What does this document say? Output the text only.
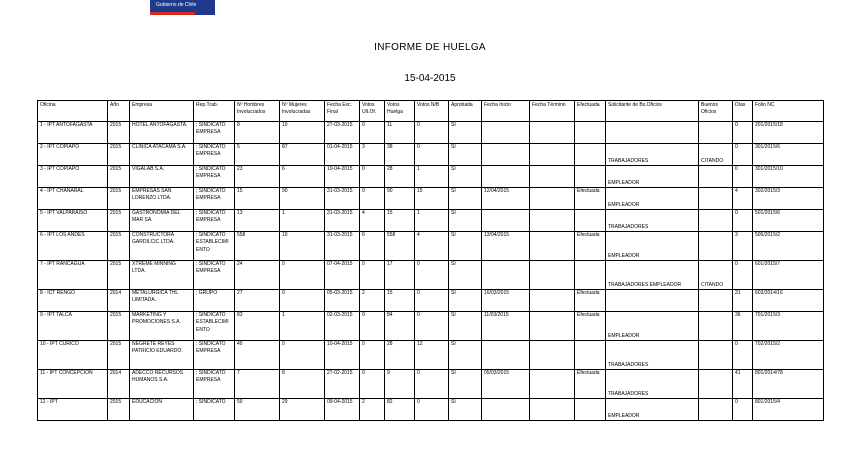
Gobierno de Chile
INFORME DE HUELGA
15-04-2015
Oficina	Año	Empresa	Rep.Trab.	Nº Hombres Involucrados	Nº Mujeres Involucradas	Fecha Exc. Final	Votos Ult.Of.	Votos Huelga	Votos N/B	Aprobada	Fecha Inicio	Fecha Término	Efectuada	Solicitante de Bs.Oficios	Buenos Oficios	Días	Folio NC
1 - IPT ANTOFAGASTA	2015	HOTEL ANTOFAGASTA.	; SINDICATO EMPRESA	8	10	27-03-2015	0	11	0	SI						0	201/2015/18
2 - IPT COPIAPO	2015	CLINICA ATACAMA S.A.	; SINDICATO EMPRESA	5	87	01-04-2015	3	38	0	SI				TRABAJADORES	CITANDO	0	301/2015/6
3 - IPT COPIAPO	2015	VIGALAB S.A.	; SINDICATO EMPRESA	23	6	10-04-2015	0	28	1	SI				EMPLEADOR		0	301/2015/10
4 - IPT CHAÑARAL	2015	EMPRESAS SAN LORENZO LTDA.	; SINDICATO EMPRESA	15	90	31-03-2015	0	90	15	SI	12/04/2015		Efectuada	EMPLEADOR		4	302/2015/3
5 - IPT VALPARAISO	2015	GASTRONOMIA DEL MAR SA.	; SINDICATO EMPRESA	13	1	31-03-2015	4	15	1	SI				TRABAJADORES		0	501/2015/6
6 - IPT LOS ANDES	2015	CONSTRUCTORA GARDILCIC LTDA.	; SINDICATO ESTABLECIMIENTO	558	10	31-03-2015	6	558	4	SI	13/04/2015		Efectuada	EMPLEADOR		3	505/2015/2
7 - IPT RANCAGUA	2015	XTREME MINNING LTDA.	; SINDICATO EMPRESA	24	0	07-04-2015	0	17	0	SI				TRABAJADORES EMPLEADOR	CITANDO	0	601/2015/7
8 - ICT RENGO	2014	METALURGICA THL LIMITADA.	; GRUPO	27	0	05-03-2015	2	15	0	SI	16/03/2015		Efectuada			31	603/2014/16
9 - IPT TALCA	2015	MARKETING Y PROMOCIONES S.A.	; SINDICATO ESTABLECIMIENTO	83	1	02-03-2015	0	84	0	SI	11/03/2015		Efectuada	EMPLEADOR		36	701/2015/3
10 - IPT CURICO	2015	NEGRETE REYES PATRICIO EDUARDO.	; SINDICATO EMPRESA	40	0	10-04-2015	0	28	12	SI				TRABAJADORES		0	702/2015/2
11 - IPT CONCEPCION	2014	ADECCO RECURSOS HUMANOS S.A.	; SINDICATO EMPRESA	7	8	27-02-2015	0	9	0	SI	05/03/2015		Efectuada	TRABAJADORES		41	801/2014/78
12 - IPT	2015	EDUCACION	; SINDICATO	50	29	09-04-2015	2	82	0	SI				EMPLEADOR		0	801/2015/4
